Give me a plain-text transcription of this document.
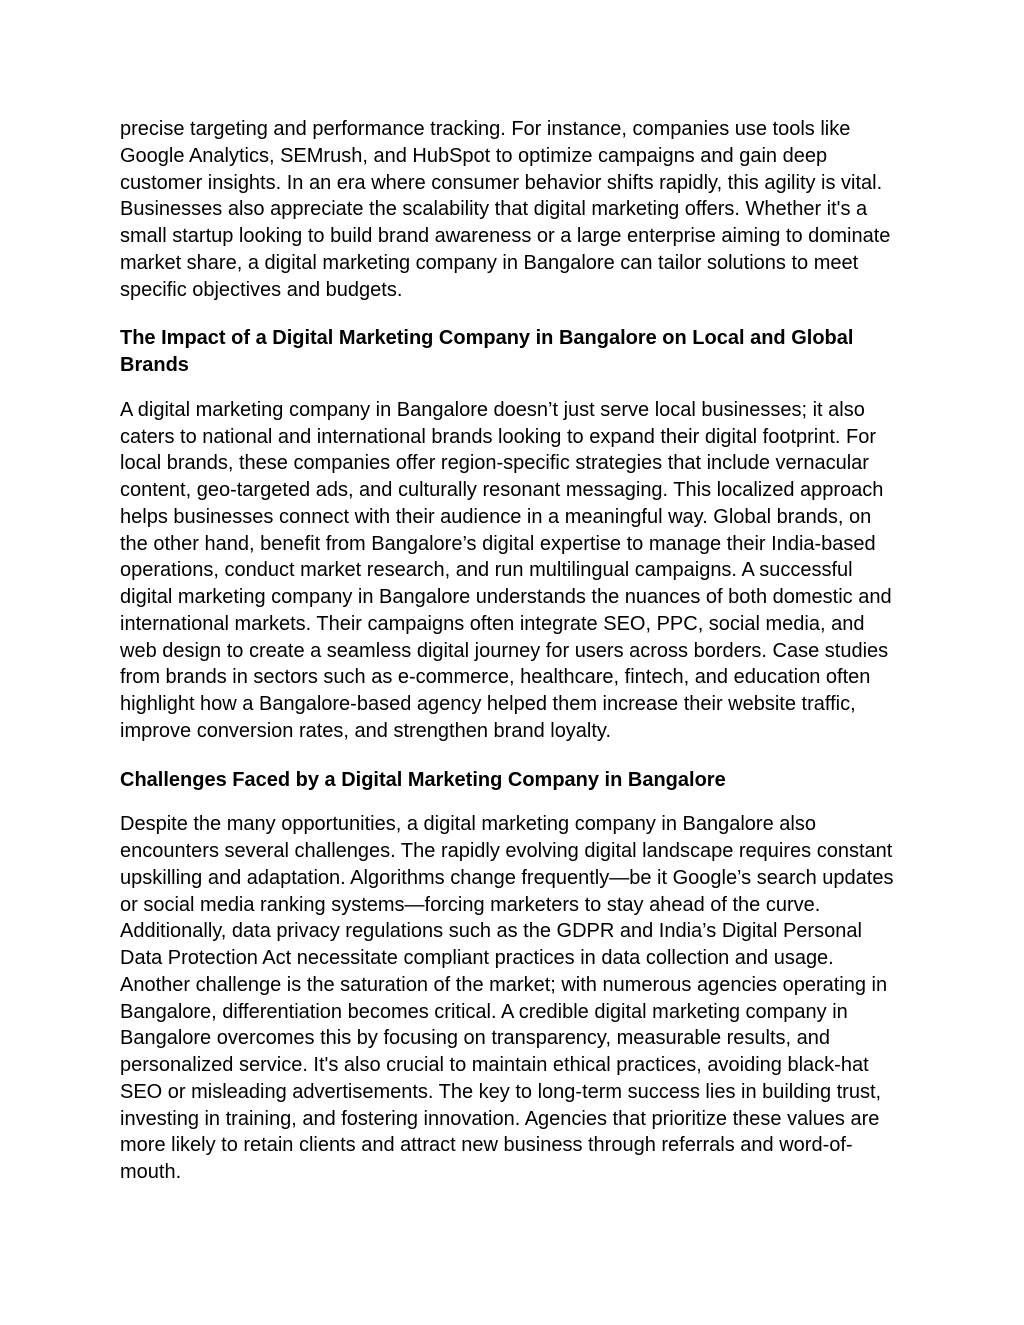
precise targeting and performance tracking. For instance, companies use tools like Google Analytics, SEMrush, and HubSpot to optimize campaigns and gain deep customer insights. In an era where consumer behavior shifts rapidly, this agility is vital. Businesses also appreciate the scalability that digital marketing offers. Whether it's a small startup looking to build brand awareness or a large enterprise aiming to dominate market share, a digital marketing company in Bangalore can tailor solutions to meet specific objectives and budgets.

The Impact of a Digital Marketing Company in Bangalore on Local and Global Brands

A digital marketing company in Bangalore doesn’t just serve local businesses; it also caters to national and international brands looking to expand their digital footprint. For local brands, these companies offer region-specific strategies that include vernacular content, geo-targeted ads, and culturally resonant messaging. This localized approach helps businesses connect with their audience in a meaningful way. Global brands, on the other hand, benefit from Bangalore’s digital expertise to manage their India-based operations, conduct market research, and run multilingual campaigns. A successful digital marketing company in Bangalore understands the nuances of both domestic and international markets. Their campaigns often integrate SEO, PPC, social media, and web design to create a seamless digital journey for users across borders. Case studies from brands in sectors such as e-commerce, healthcare, fintech, and education often highlight how a Bangalore-based agency helped them increase their website traffic, improve conversion rates, and strengthen brand loyalty.

Challenges Faced by a Digital Marketing Company in Bangalore

Despite the many opportunities, a digital marketing company in Bangalore also encounters several challenges. The rapidly evolving digital landscape requires constant upskilling and adaptation. Algorithms change frequently—be it Google’s search updates or social media ranking systems—forcing marketers to stay ahead of the curve. Additionally, data privacy regulations such as the GDPR and India’s Digital Personal Data Protection Act necessitate compliant practices in data collection and usage. Another challenge is the saturation of the market; with numerous agencies operating in Bangalore, differentiation becomes critical. A credible digital marketing company in Bangalore overcomes this by focusing on transparency, measurable results, and personalized service. It's also crucial to maintain ethical practices, avoiding black-hat SEO or misleading advertisements. The key to long-term success lies in building trust, investing in training, and fostering innovation. Agencies that prioritize these values are more likely to retain clients and attract new business through referrals and word-of-mouth.
